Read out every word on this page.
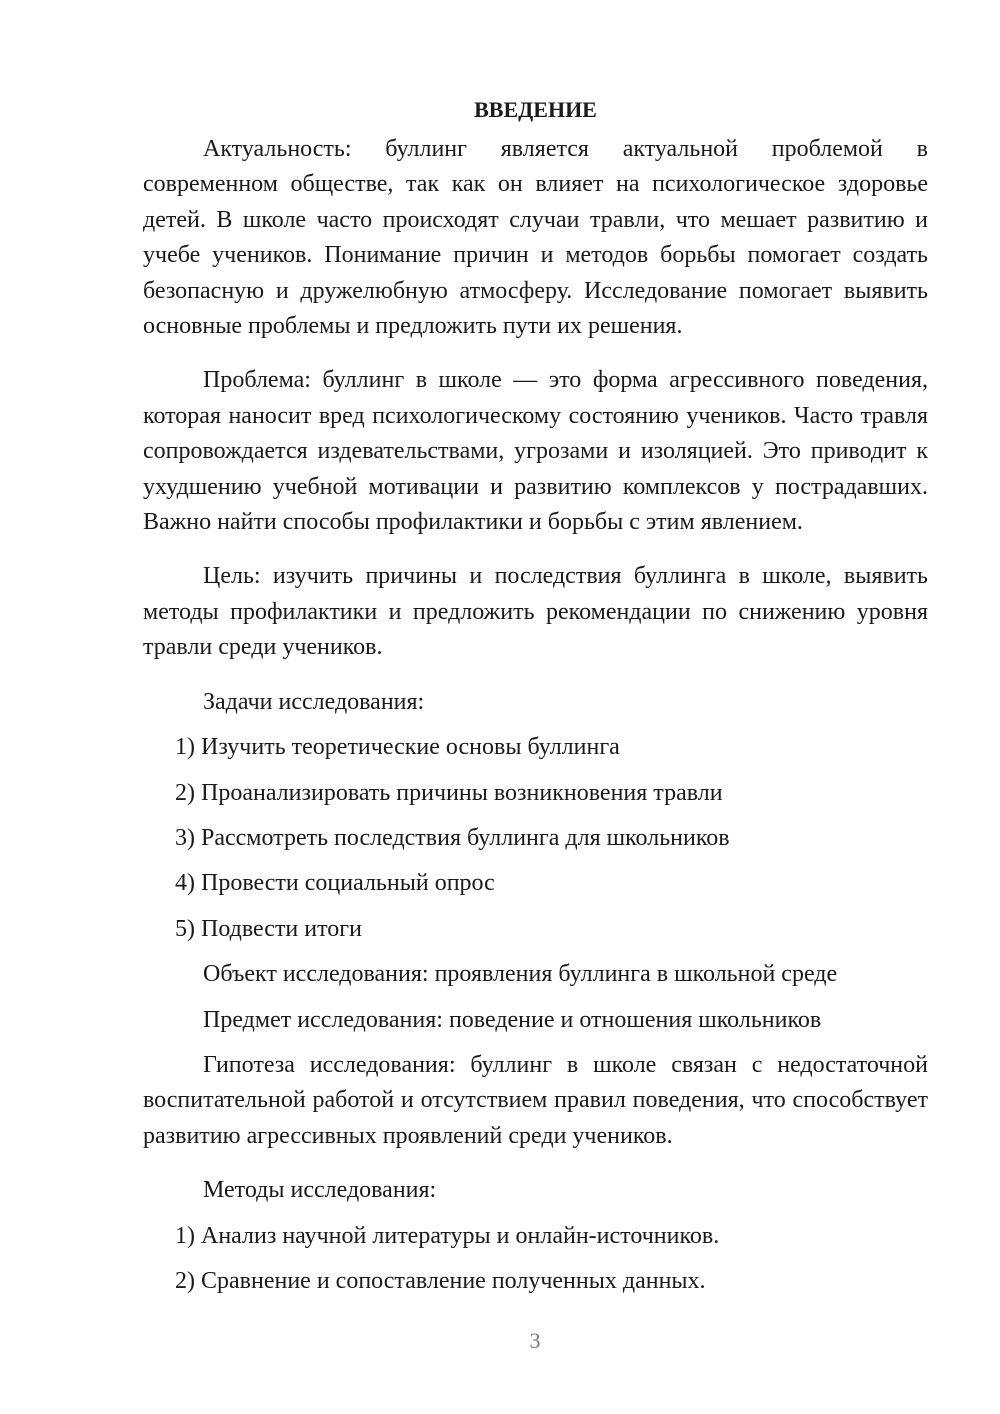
ВВЕДЕНИЕ

Актуальность: буллинг является актуальной проблемой в современном обществе, так как он влияет на психологическое здоровье детей. В школе часто происходят случаи травли, что мешает развитию и учебе учеников. Понимание причин и методов борьбы помогает создать безопасную и дружелюбную атмосферу. Исследование помогает выявить основные проблемы и предложить пути их решения.

Проблема: буллинг в школе — это форма агрессивного поведения, которая наносит вред психологическому состоянию учеников. Часто травля сопровождается издевательствами, угрозами и изоляцией. Это приводит к ухудшению учебной мотивации и развитию комплексов у пострадавших. Важно найти способы профилактики и борьбы с этим явлением.

Цель: изучить причины и последствия буллинга в школе, выявить методы профилактики и предложить рекомендации по снижению уровня травли среди учеников.

Задачи исследования:

1) Изучить теоретические основы буллинга

2) Проанализировать причины возникновения травли

3) Рассмотреть последствия буллинга для школьников

4) Провести социальный опрос

5) Подвести итоги

Объект исследования: проявления буллинга в школьной среде

Предмет исследования: поведение и отношения школьников

Гипотеза исследования: буллинг в школе связан с недостаточной воспитательной работой и отсутствием правил поведения, что способствует развитию агрессивных проявлений среди учеников.

Методы исследования:

1) Анализ научной литературы и онлайн-источников.

2) Сравнение и сопоставление полученных данных.

3
